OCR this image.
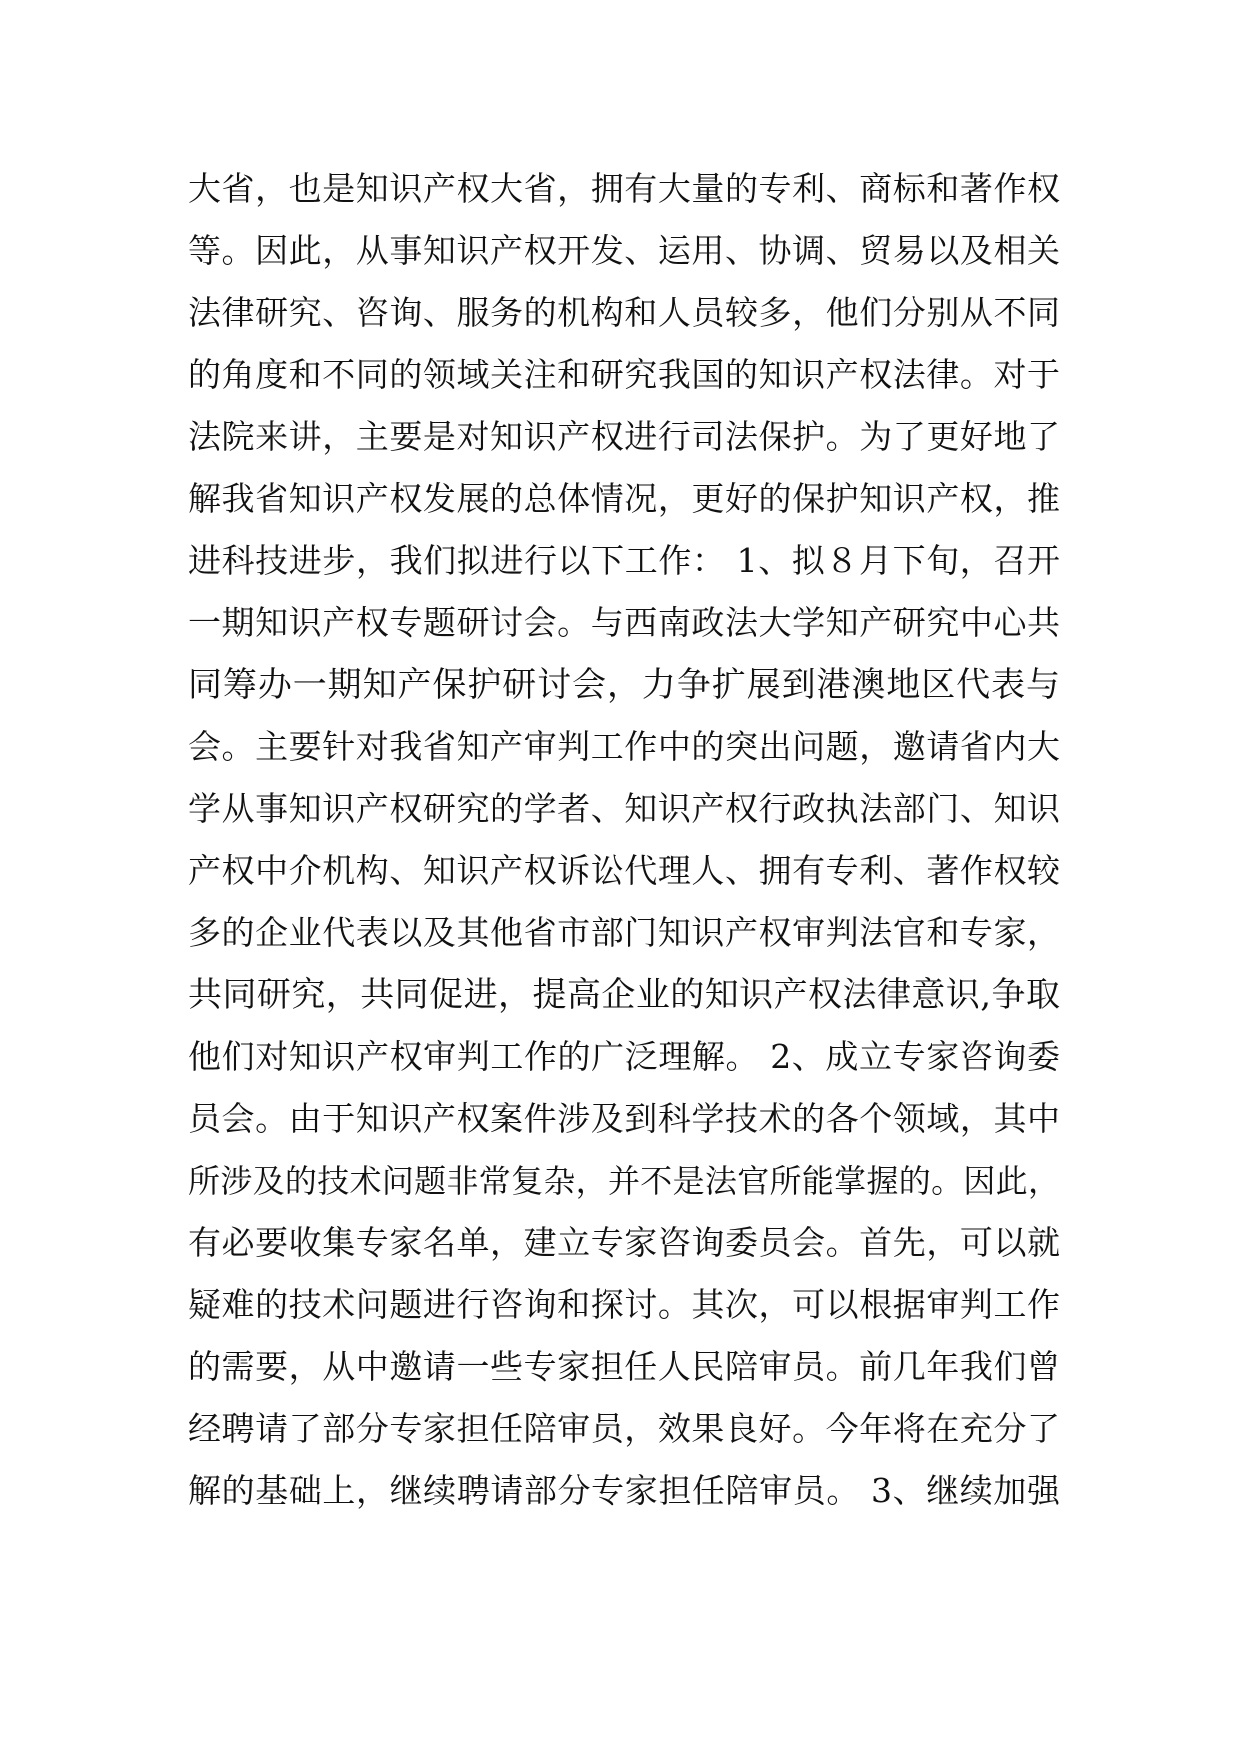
大省，也是知识产权大省，拥有大量的专利、商标和著作权
等。因此，从事知识产权开发、运用、协调、贸易以及相关
法律研究、咨询、服务的机构和人员较多，他们分别从不同
的角度和不同的领域关注和研究我国的知识产权法律。对于
法院来讲，主要是对知识产权进行司法保护。为了更好地了
解我省知识产权发展的总体情况，更好的保护知识产权，推
进科技进步，我们拟进行以下工作： 1、拟８月下旬，召开
一期知识产权专题研讨会。与西南政法大学知产研究中心共
同筹办一期知产保护研讨会，力争扩展到港澳地区代表与
会。主要针对我省知产审判工作中的突出问题，邀请省内大
学从事知识产权研究的学者、知识产权行政执法部门、知识
产权中介机构、知识产权诉讼代理人、拥有专利、著作权较
多的企业代表以及其他省市部门知识产权审判法官和专家，
共同研究，共同促进，提高企业的知识产权法律意识,争取
他们对知识产权审判工作的广泛理解。 2、成立专家咨询委
员会。由于知识产权案件涉及到科学技术的各个领域，其中
所涉及的技术问题非常复杂，并不是法官所能掌握的。因此，
有必要收集专家名单，建立专家咨询委员会。首先，可以就
疑难的技术问题进行咨询和探讨。其次，可以根据审判工作
的需要，从中邀请一些专家担任人民陪审员。前几年我们曾
经聘请了部分专家担任陪审员，效果良好。今年将在充分了
解的基础上，继续聘请部分专家担任陪审员。 3、继续加强
